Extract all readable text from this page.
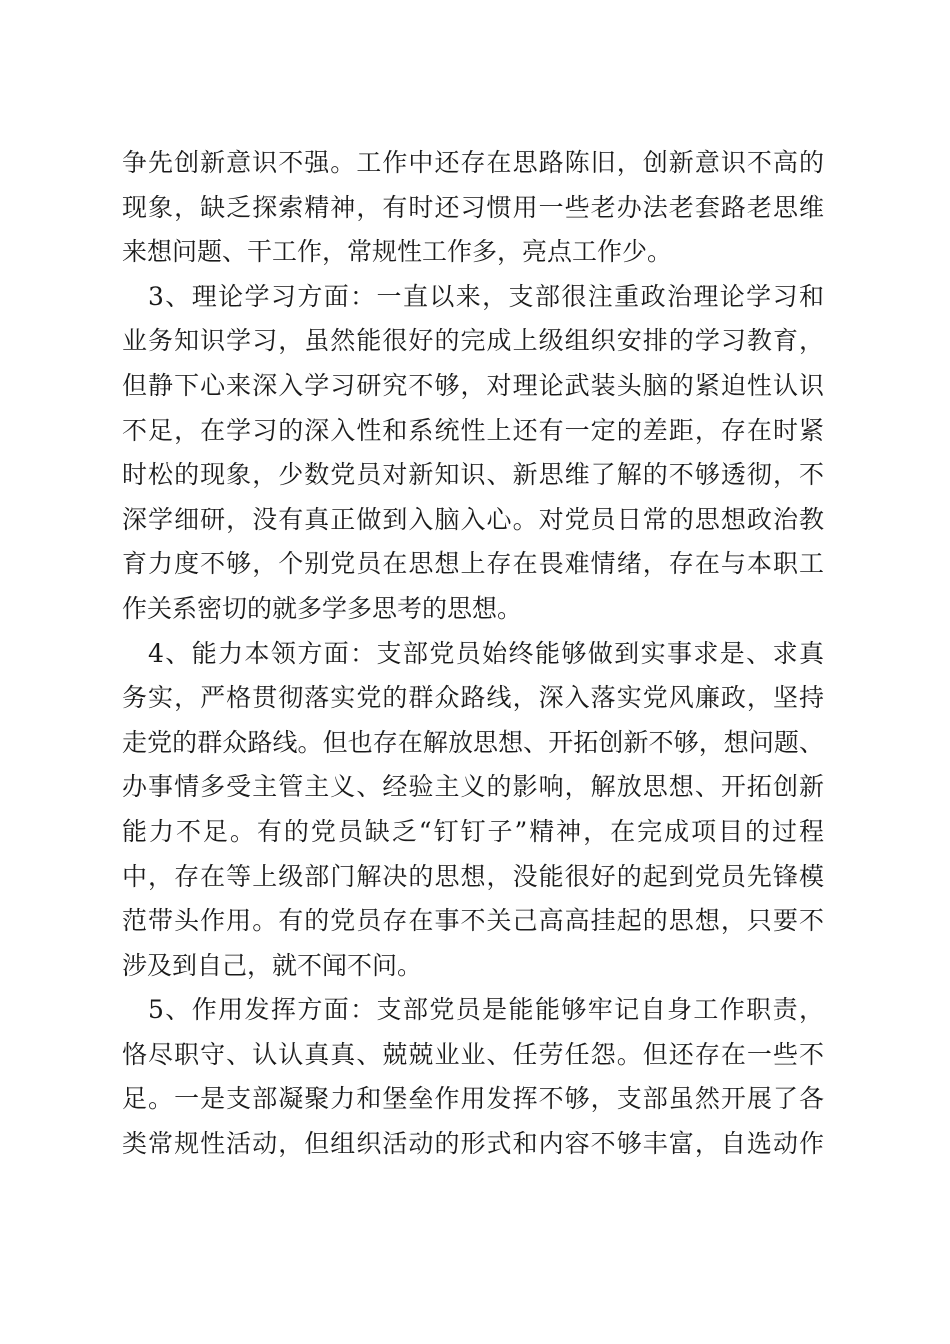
争先创新意识不强。工作中还存在思路陈旧，创新意识不高的
现象，缺乏探索精神，有时还习惯用一些老办法老套路老思维
来想问题、干工作，常规性工作多，亮点工作少。
3、理论学习方面：一直以来，支部很注重政治理论学习和
业务知识学习，虽然能很好的完成上级组织安排的学习教育，
但静下心来深入学习研究不够，对理论武装头脑的紧迫性认识
不足，在学习的深入性和系统性上还有一定的差距，存在时紧
时松的现象，少数党员对新知识、新思维了解的不够透彻，不
深学细研，没有真正做到入脑入心。对党员日常的思想政治教
育力度不够，个别党员在思想上存在畏难情绪，存在与本职工
作关系密切的就多学多思考的思想。
4、能力本领方面：支部党员始终能够做到实事求是、求真
务实，严格贯彻落实党的群众路线，深入落实党风廉政，坚持
走党的群众路线。但也存在解放思想、开拓创新不够，想问题、
办事情多受主管主义、经验主义的影响，解放思想、开拓创新
能力不足。有的党员缺乏“钉钉子”精神，在完成项目的过程
中，存在等上级部门解决的思想，没能很好的起到党员先锋模
范带头作用。有的党员存在事不关己高高挂起的思想，只要不
涉及到自己，就不闻不问。
5、作用发挥方面：支部党员是能能够牢记自身工作职责，
恪尽职守、认认真真、兢兢业业、任劳任怨。但还存在一些不
足。一是支部凝聚力和堡垒作用发挥不够，支部虽然开展了各
类常规性活动，但组织活动的形式和内容不够丰富，自选动作
